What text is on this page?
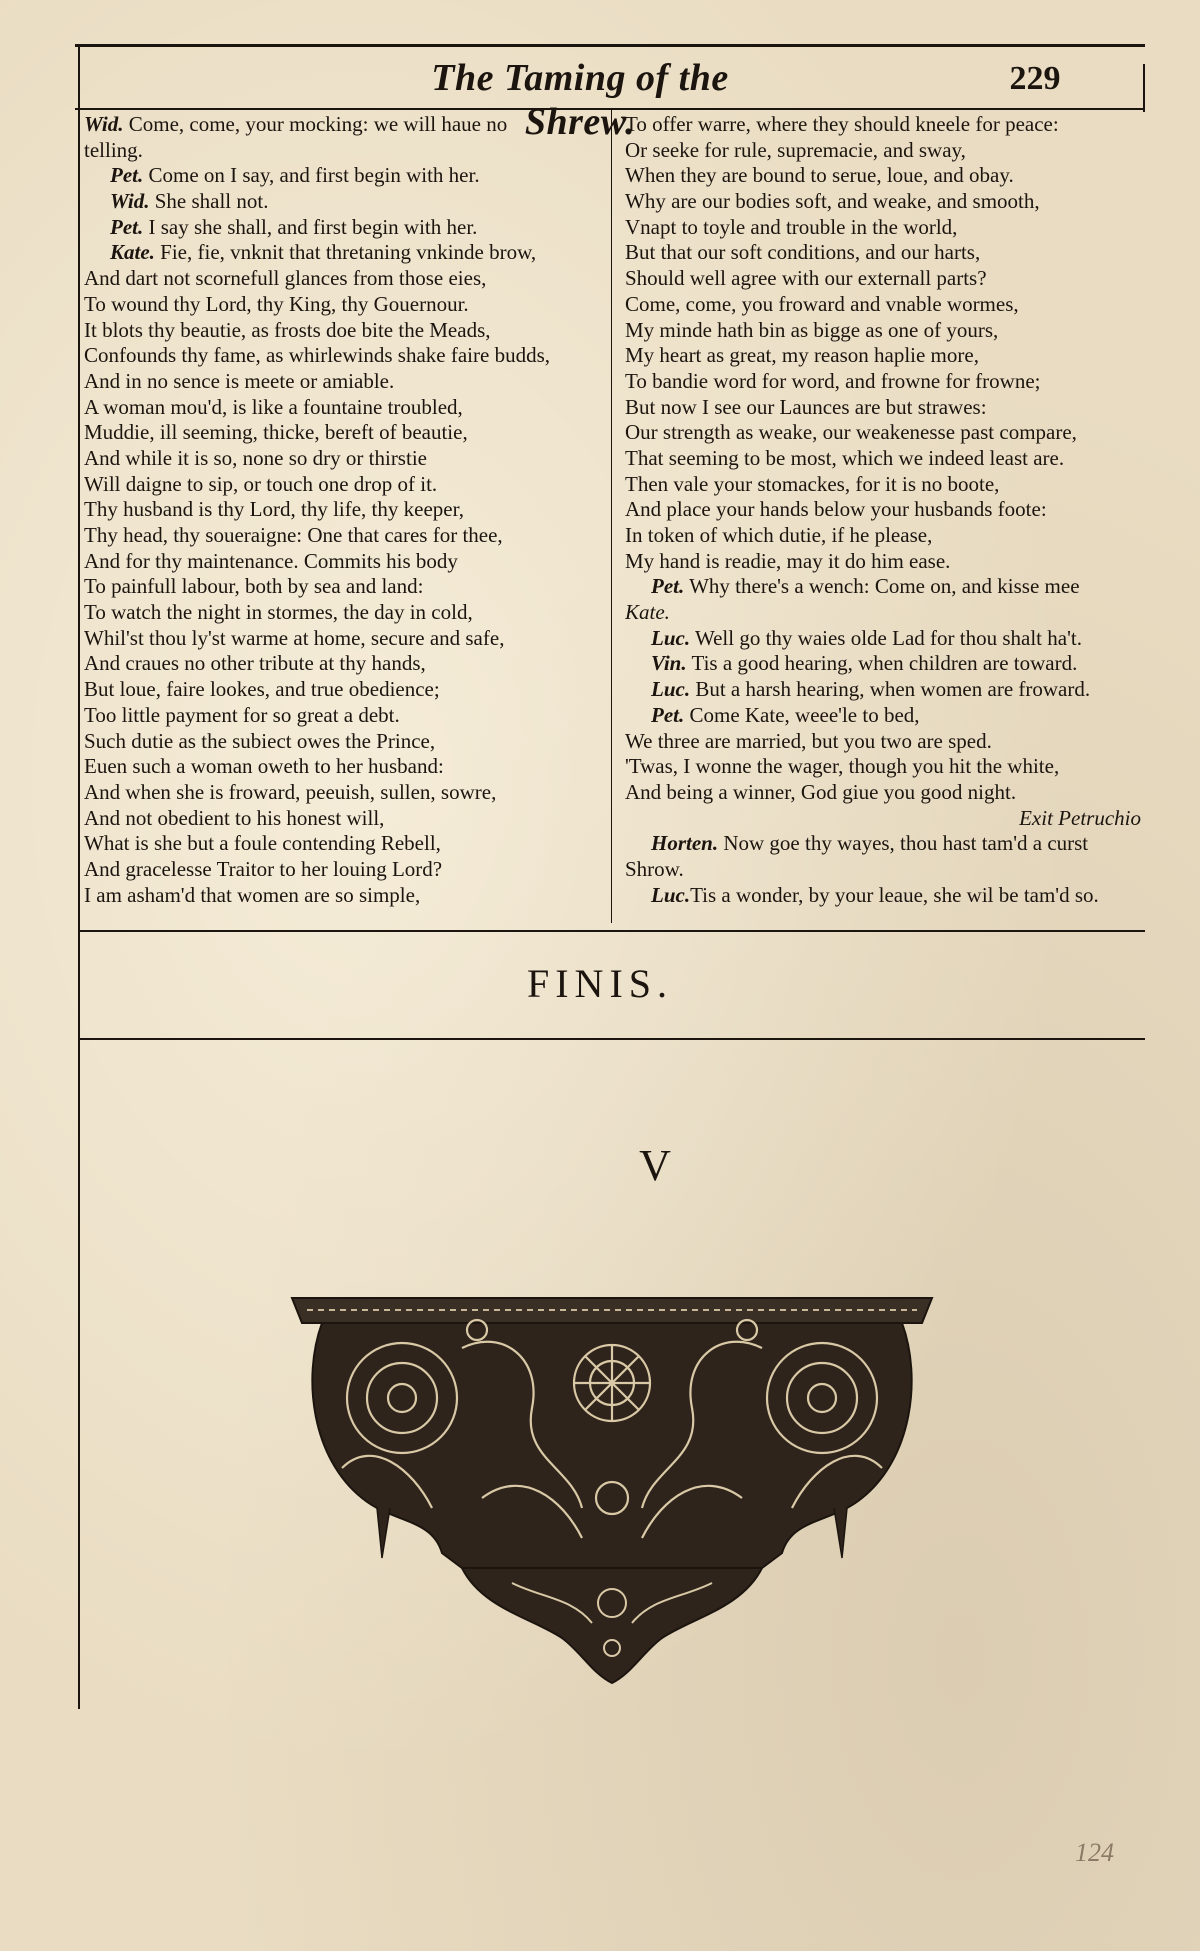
The Taming of the Shrew.
229
Wid. Come, come, your mocking: we will haue no
telling.
Pet. Come on I say, and first begin with her.
Wid. She shall not.
Pet. I say she shall, and first begin with her.
Kate. Fie, fie, vnknit that thretaning vnkinde brow,
And dart not scornefull glances from those eies,
To wound thy Lord, thy King, thy Gouernour.
It blots thy beautie, as frosts doe bite the Meads,
Confounds thy fame, as whirlewinds shake faire budds,
And in no sence is meete or amiable.
A woman mou'd, is like a fountaine troubled,
Muddie, ill seeming, thicke, bereft of beautie,
And while it is so, none so dry or thirstie
Will daigne to sip, or touch one drop of it.
Thy husband is thy Lord, thy life, thy keeper,
Thy head, thy soueraigne: One that cares for thee,
And for thy maintenance. Commits his body
To painfull labour, both by sea and land:
To watch the night in stormes, the day in cold,
Whil'st thou ly'st warme at home, secure and safe,
And craues no other tribute at thy hands,
But loue, faire lookes, and true obedience;
Too little payment for so great a debt.
Such dutie as the subiect owes the Prince,
Euen such a woman oweth to her husband:
And when she is froward, peeuish, sullen, sowre,
And not obedient to his honest will,
What is she but a foule contending Rebell,
And gracelesse Traitor to her louing Lord?
I am asham'd that women are so simple,
To offer warre, where they should kneele for peace:
Or seeke for rule, supremacie, and sway,
When they are bound to serue, loue, and obay.
Why are our bodies soft, and weake, and smooth,
Vnapt to toyle and trouble in the world,
But that our soft conditions, and our harts,
Should well agree with our externall parts?
Come, come, you froward and vnable wormes,
My minde hath bin as bigge as one of yours,
My heart as great, my reason haplie more,
To bandie word for word, and frowne for frowne;
But now I see our Launces are but strawes:
Our strength as weake, our weakenesse past compare,
That seeming to be most, which we indeed least are.
Then vale your stomackes, for it is no boote,
And place your hands below your husbands foote:
In token of which dutie, if he please,
My hand is readie, may it do him ease.
Pet. Why there's a wench: Come on, and kisse mee
Kate.
Luc. Well go thy waies olde Lad for thou shalt ha't.
Vin. Tis a good hearing, when children are toward.
Luc. But a harsh hearing, when women are froward.
Pet. Come Kate, weee'le to bed,
We three are married, but you two are sped.
'Twas, I wonne the wager, though you hit the white,
And being a winner, God giue you good night.
Exit Petruchio
Horten. Now goe thy wayes, thou hast tam'd a curst
Shrow.
Luc.Tis a wonder, by your leaue, she wil be tam'd so.
FINIS.
V
124
